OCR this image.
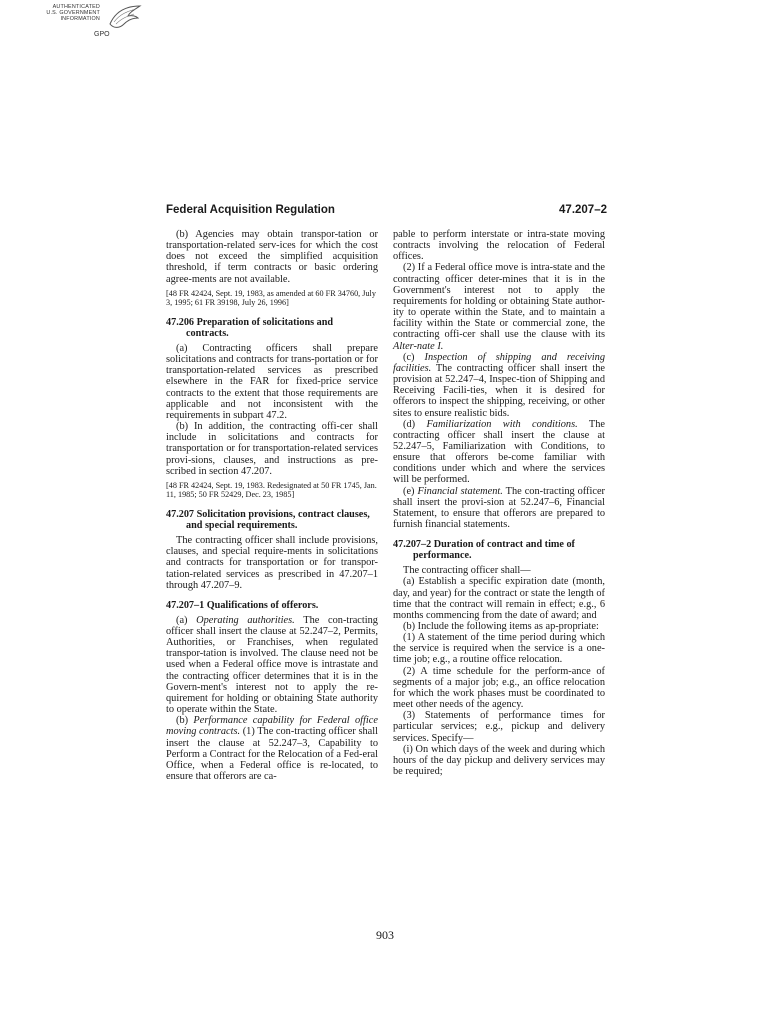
AUTHENTICATED
U.S. GOVERNMENT
INFORMATION
GPO
Federal Acquisition Regulation	47.207–2

(b) Agencies may obtain transpor-tation or transportation-related serv-ices for which the cost does not exceed the simplified acquisition threshold, if term contracts or basic ordering agree-ments are not available.

[48 FR 42424, Sept. 19, 1983, as amended at 60 FR 34760, July 3, 1995; 61 FR 39198, July 26, 1996]

47.206 Preparation of solicitations and contracts.

(a) Contracting officers shall prepare solicitations and contracts for trans-portation or for transportation-related services as prescribed elsewhere in the FAR for fixed-price service contracts to the extent that those requirements are applicable and not inconsistent with the requirements in subpart 47.2.

(b) In addition, the contracting offi-cer shall include in solicitations and contracts for transportation or for transportation-related services provi-sions, clauses, and instructions as pre-scribed in section 47.207.

[48 FR 42424, Sept. 19, 1983. Redesignated at 50 FR 1745, Jan. 11, 1985; 50 FR 52429, Dec. 23, 1985]

47.207 Solicitation provisions, contract clauses, and special requirements.

The contracting officer shall include provisions, clauses, and special require-ments in solicitations and contracts for transportation or for transpor-tation-related services as prescribed in 47.207–1 through 47.207–9.

47.207–1 Qualifications of offerors.

(a) Operating authorities. The con-tracting officer shall insert the clause at 52.247–2, Permits, Authorities, or Franchises, when regulated transpor-tation is involved. The clause need not be used when a Federal office move is intrastate and the contracting officer determines that it is in the Govern-ment's interest not to apply the re-quirement for holding or obtaining State authority to operate within the State.

(b) Performance capability for Federal office moving contracts. (1) The con-tracting officer shall insert the clause at 52.247–3, Capability to Perform a Contract for the Relocation of a Fed-eral Office, when a Federal office is re-located, to ensure that offerors are ca-

pable to perform interstate or intra-state moving contracts involving the relocation of Federal offices.

(2) If a Federal office move is intra-state and the contracting officer deter-mines that it is in the Government's interest not to apply the requirements for holding or obtaining State author-ity to operate within the State, and to maintain a facility within the State or commercial zone, the contracting offi-cer shall use the clause with its Alter-nate I.

(c) Inspection of shipping and receiving facilities. The contracting officer shall insert the provision at 52.247–4, Inspec-tion of Shipping and Receiving Facili-ties, when it is desired for offerors to inspect the shipping, receiving, or other sites to ensure realistic bids.

(d) Familiarization with conditions. The contracting officer shall insert the clause at 52.247–5, Familiarization with Conditions, to ensure that offerors be-come familiar with conditions under which and where the services will be performed.

(e) Financial statement. The con-tracting officer shall insert the provi-sion at 52.247–6, Financial Statement, to ensure that offerors are prepared to furnish financial statements.

47.207–2 Duration of contract and time of performance.

The contracting officer shall—

(a) Establish a specific expiration date (month, day, and year) for the contract or state the length of time that the contract will remain in effect; e.g., 6 months commencing from the date of award; and

(b) Include the following items as ap-propriate:

(1) A statement of the time period during which the service is required when the service is a one-time job; e.g., a routine office relocation.

(2) A time schedule for the perform-ance of segments of a major job; e.g., an office relocation for which the work phases must be coordinated to meet other needs of the agency.

(3) Statements of performance times for particular services; e.g., pickup and delivery services. Specify—

(i) On which days of the week and during which hours of the day pickup and delivery services may be required;

903
